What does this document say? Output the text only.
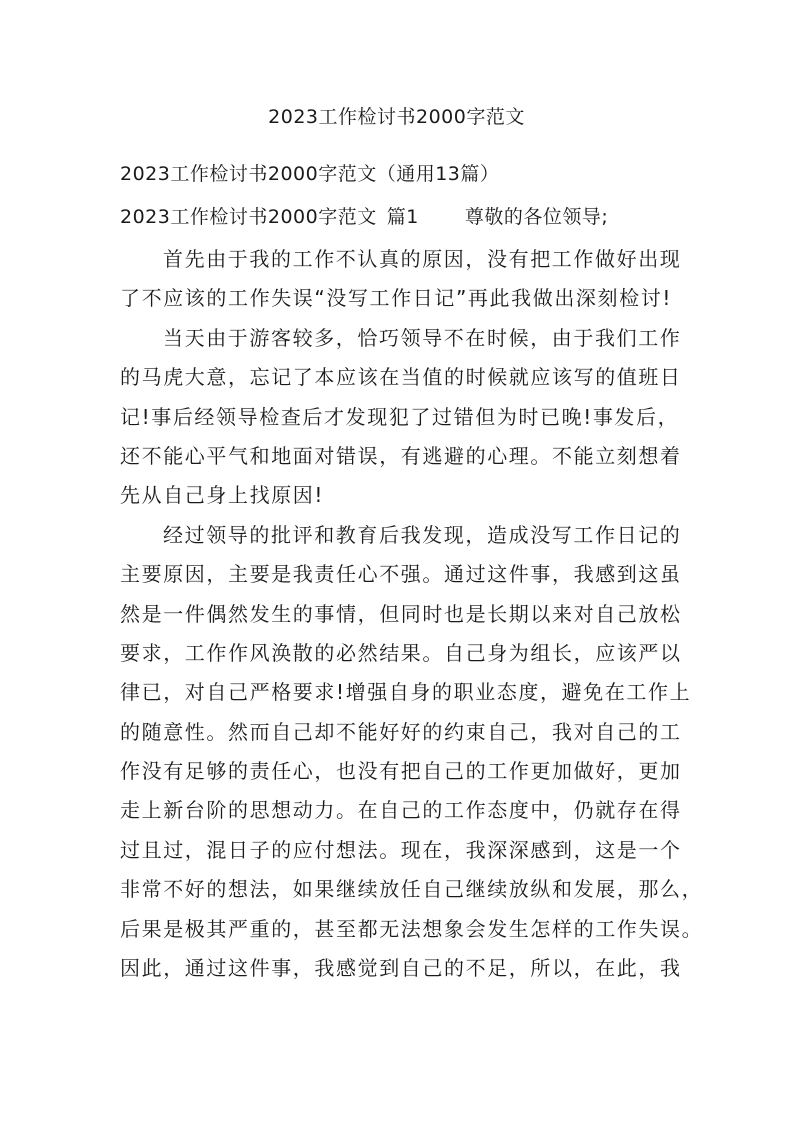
2023工作检讨书2000字范文
2023工作检讨书2000字范文（通用13篇）
2023工作检讨书2000字范文 篇1 尊敬的各位领导;
首先由于我的工作不认真的原因，没有把工作做好出现
了不应该的工作失误“没写工作日记”再此我做出深刻检讨!
当天由于游客较多，恰巧领导不在时候，由于我们工作
的马虎大意，忘记了本应该在当值的时候就应该写的值班日
记!事后经领导检查后才发现犯了过错但为时已晚!事发后，
还不能心平气和地面对错误，有逃避的心理。不能立刻想着
先从自己身上找原因!
经过领导的批评和教育后我发现，造成没写工作日记的
主要原因，主要是我责任心不强。通过这件事，我感到这虽
然是一件偶然发生的事情，但同时也是长期以来对自己放松
要求，工作作风涣散的必然结果。自己身为组长，应该严以
律已，对自己严格要求!增强自身的职业态度，避免在工作上
的随意性。然而自己却不能好好的约束自己，我对自己的工
作没有足够的责任心，也没有把自己的工作更加做好，更加
走上新台阶的思想动力。在自己的工作态度中，仍就存在得
过且过，混日子的应付想法。现在，我深深感到，这是一个
非常不好的想法，如果继续放任自己继续放纵和发展，那么，
后果是极其严重的，甚至都无法想象会发生怎样的工作失误。
因此，通过这件事，我感觉到自己的不足，所以，在此，我
